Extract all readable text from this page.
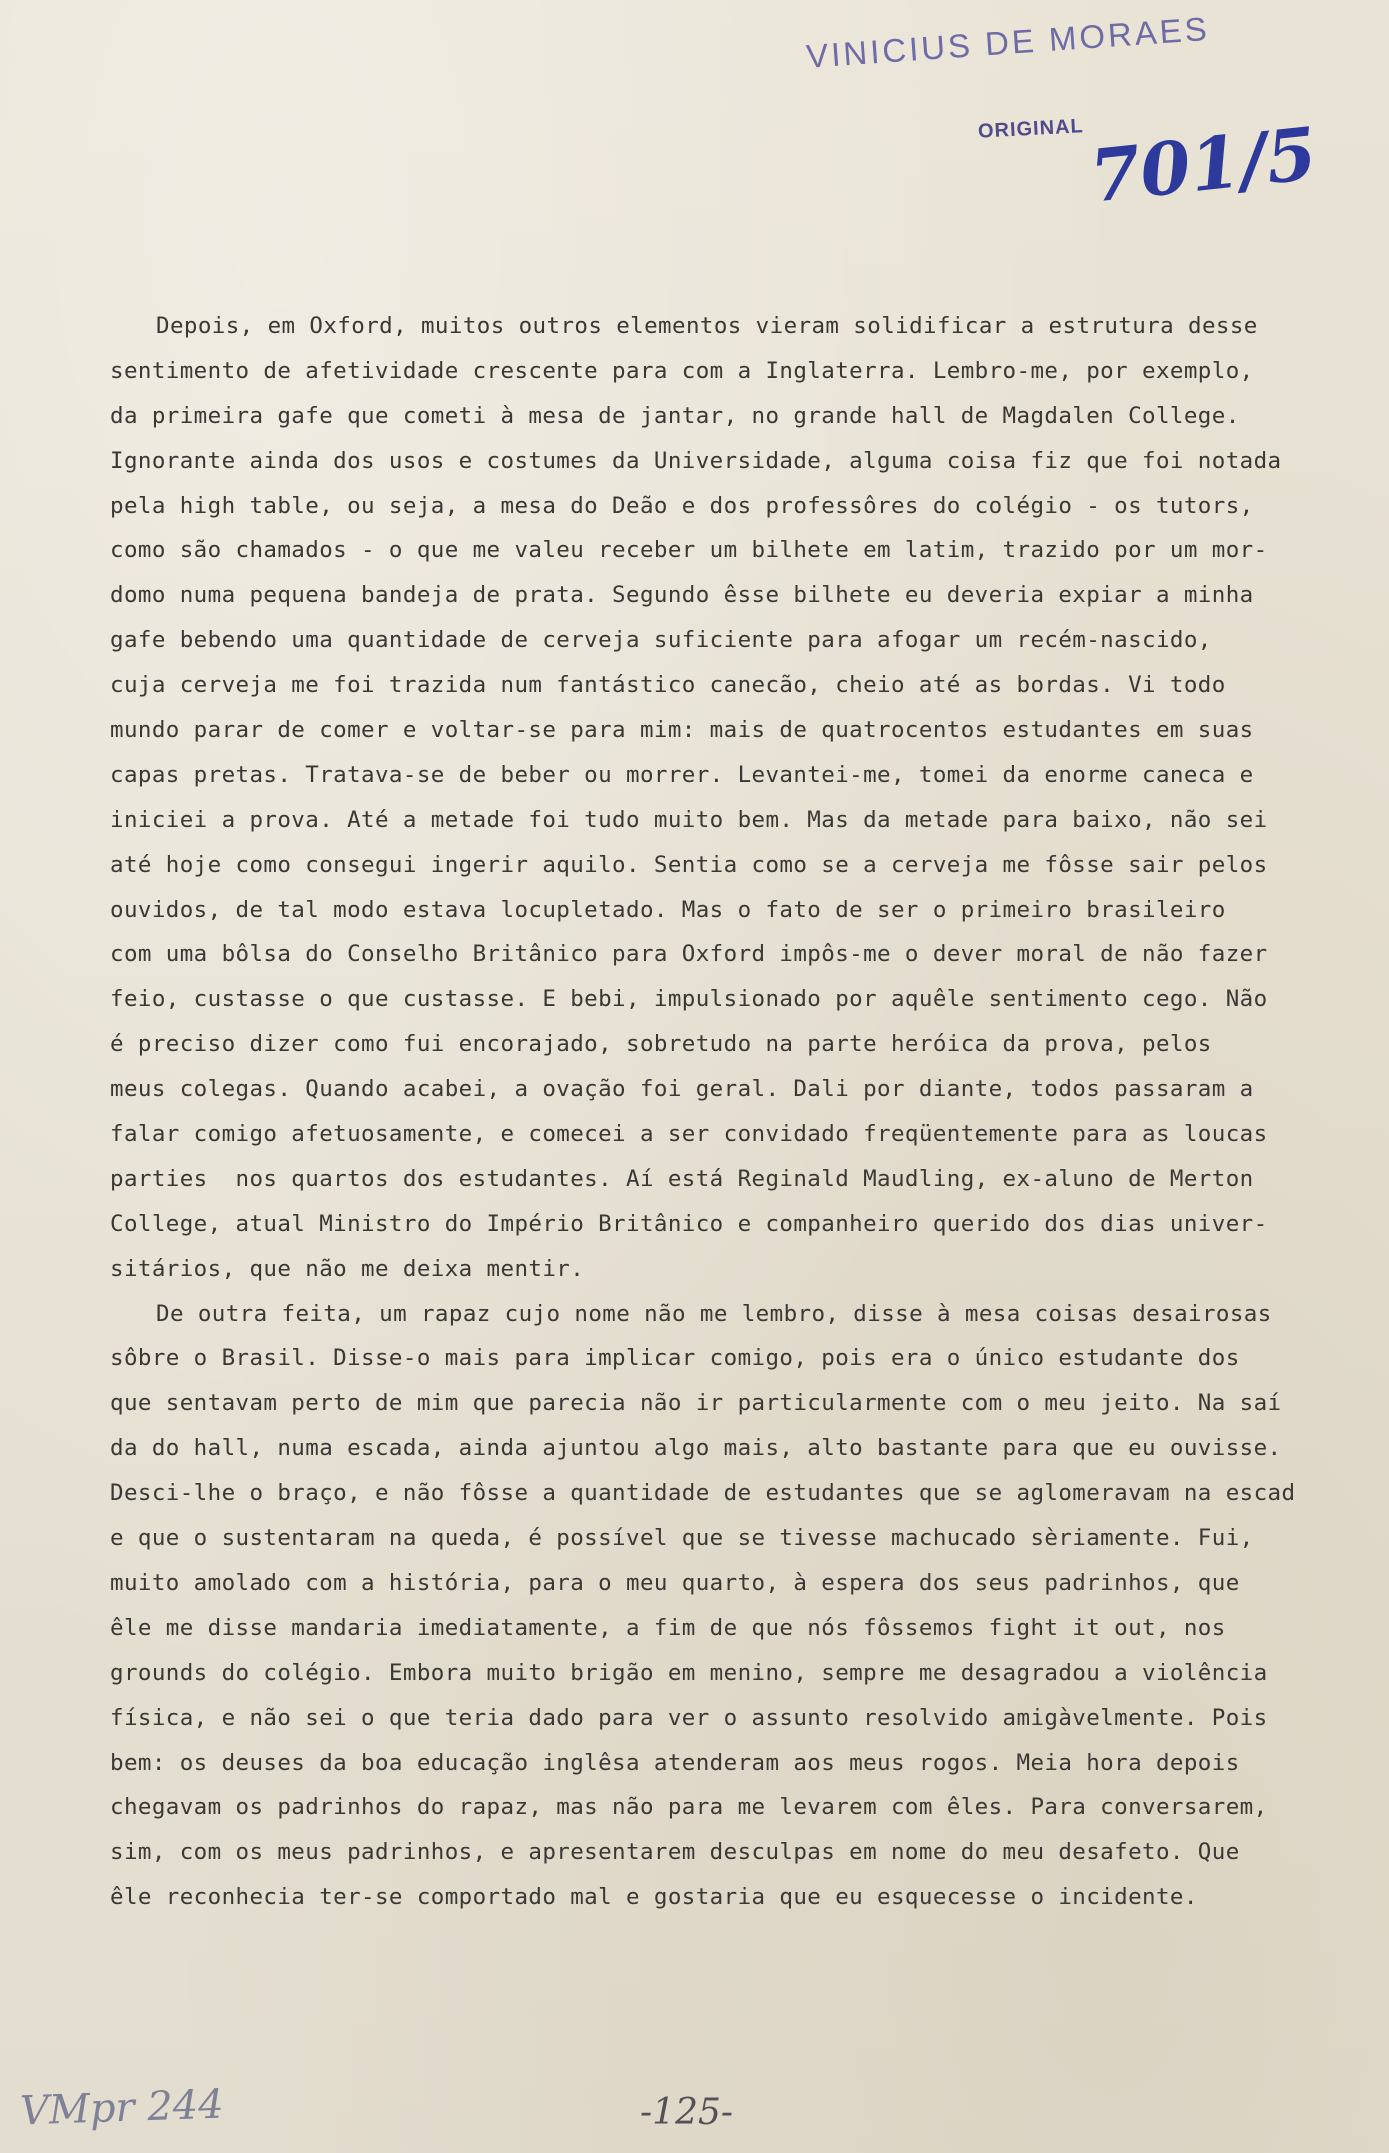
VINICIUS DE MORAES
ORIGINAL 701/5
Depois, em Oxford, muitos outros elementos vieram solidificar a estrutura desse
sentimento de afetividade crescente para com a Inglaterra. Lembro-me, por exemplo,
da primeira gafe que cometi à mesa de jantar, no grande hall de Magdalen College.
Ignorante ainda dos usos e costumes da Universidade, alguma coisa fiz que foi notada
pela high table, ou seja, a mesa do Deão e dos professôres do colégio - os tutors,
como são chamados - o que me valeu receber um bilhete em latim, trazido por um mor-
domo numa pequena bandeja de prata. Segundo êsse bilhete eu deveria expiar a minha
gafe bebendo uma quantidade de cerveja suficiente para afogar um recém-nascido,
cuja cerveja me foi trazida num fantástico canecão, cheio até as bordas. Vi todo
mundo parar de comer e voltar-se para mim: mais de quatrocentos estudantes em suas
capas pretas. Tratava-se de beber ou morrer. Levantei-me, tomei da enorme caneca e
iniciei a prova. Até a metade foi tudo muito bem. Mas da metade para baixo, não sei
até hoje como consegui ingerir aquilo. Sentia como se a cerveja me fôsse sair pelos
ouvidos, de tal modo estava locupletado. Mas o fato de ser o primeiro brasileiro
com uma bôlsa do Conselho Britânico para Oxford impôs-me o dever moral de não fazer
feio, custasse o que custasse. E bebi, impulsionado por aquêle sentimento cego. Não
é preciso dizer como fui encorajado, sobretudo na parte heróica da prova, pelos
meus colegas. Quando acabei, a ovação foi geral. Dali por diante, todos passaram a
falar comigo afetuosamente, e comecei a ser convidado freqüentemente para as loucas
parties  nos quartos dos estudantes. Aí está Reginald Maudling, ex-aluno de Merton
College, atual Ministro do Império Britânico e companheiro querido dos dias univer-
sitários, que não me deixa mentir.
De outra feita, um rapaz cujo nome não me lembro, disse à mesa coisas desairosas
sôbre o Brasil. Disse-o mais para implicar comigo, pois era o único estudante dos
que sentavam perto de mim que parecia não ir particularmente com o meu jeito. Na saí
da do hall, numa escada, ainda ajuntou algo mais, alto bastante para que eu ouvisse.
Desci-lhe o braço, e não fôsse a quantidade de estudantes que se aglomeravam na escad
e que o sustentaram na queda, é possível que se tivesse machucado sèriamente. Fui,
muito amolado com a história, para o meu quarto, à espera dos seus padrinhos, que
êle me disse mandaria imediatamente, a fim de que nós fôssemos fight it out, nos
grounds do colégio. Embora muito brigão em menino, sempre me desagradou a violência
física, e não sei o que teria dado para ver o assunto resolvido amigàvelmente. Pois
bem: os deuses da boa educação inglêsa atenderam aos meus rogos. Meia hora depois
chegavam os padrinhos do rapaz, mas não para me levarem com êles. Para conversarem,
sim, com os meus padrinhos, e apresentarem desculpas em nome do meu desafeto. Que
êle reconhecia ter-se comportado mal e gostaria que eu esquecesse o incidente.
VMpr 244	-125-
